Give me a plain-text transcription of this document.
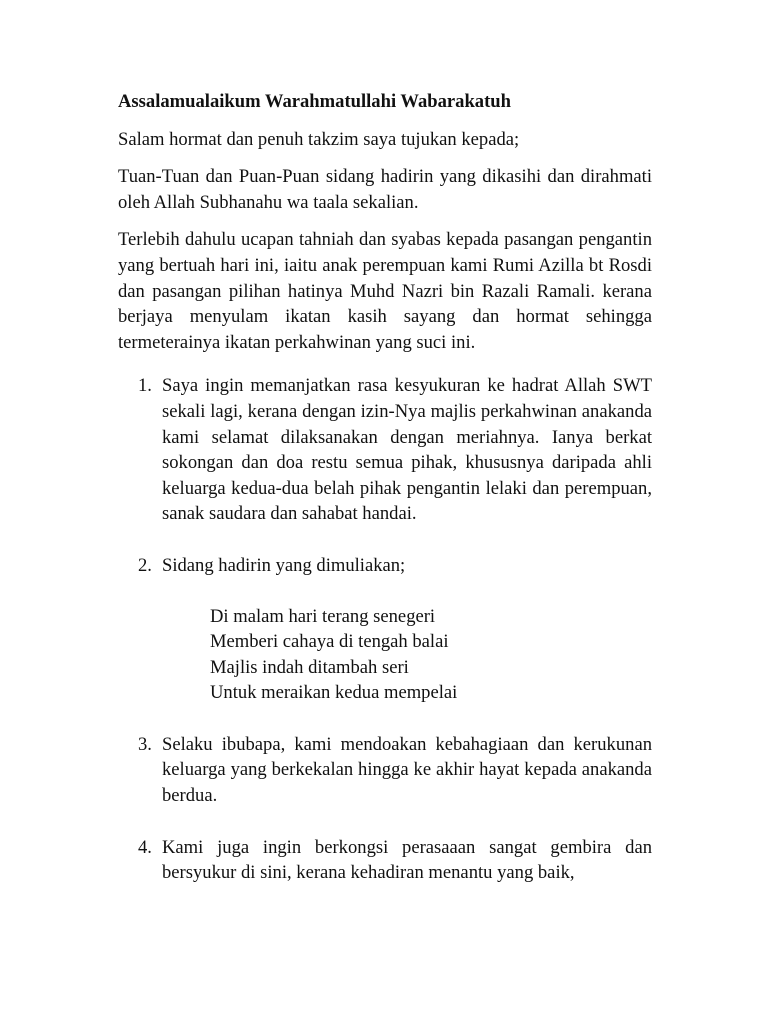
Assalamualaikum Warahmatullahi Wabarakatuh

Salam hormat dan penuh takzim saya tujukan kepada;

Tuan-Tuan dan Puan-Puan sidang hadirin yang dikasihi dan dirahmati oleh Allah Subhanahu wa taala sekalian.

Terlebih dahulu ucapan tahniah dan syabas kepada pasangan pengantin yang bertuah hari ini, iaitu anak perempuan kami Rumi Azilla bt Rosdi dan pasangan pilihan hatinya Muhd Nazri bin Razali Ramali. kerana berjaya menyulam ikatan kasih sayang dan hormat sehingga termeterainya ikatan perkahwinan yang suci ini.

1. Saya ingin memanjatkan rasa kesyukuran ke hadrat Allah SWT sekali lagi, kerana dengan izin-Nya majlis perkahwinan anakanda kami selamat dilaksanakan dengan meriahnya. Ianya berkat sokongan dan doa restu semua pihak, khususnya daripada ahli keluarga kedua-dua belah pihak pengantin lelaki dan perempuan, sanak saudara dan sahabat handai.
2. Sidang hadirin yang dimuliakan;
Di malam hari terang senegeri
Memberi cahaya di tengah balai
Majlis indah ditambah seri
Untuk meraikan kedua mempelai
3. Selaku ibubapa, kami mendoakan kebahagiaan dan kerukunan keluarga yang berkekalan hingga ke akhir hayat kepada anakanda berdua.
4. Kami juga ingin berkongsi perasaaan sangat gembira dan bersyukur di sini, kerana kehadiran menantu yang baik,
